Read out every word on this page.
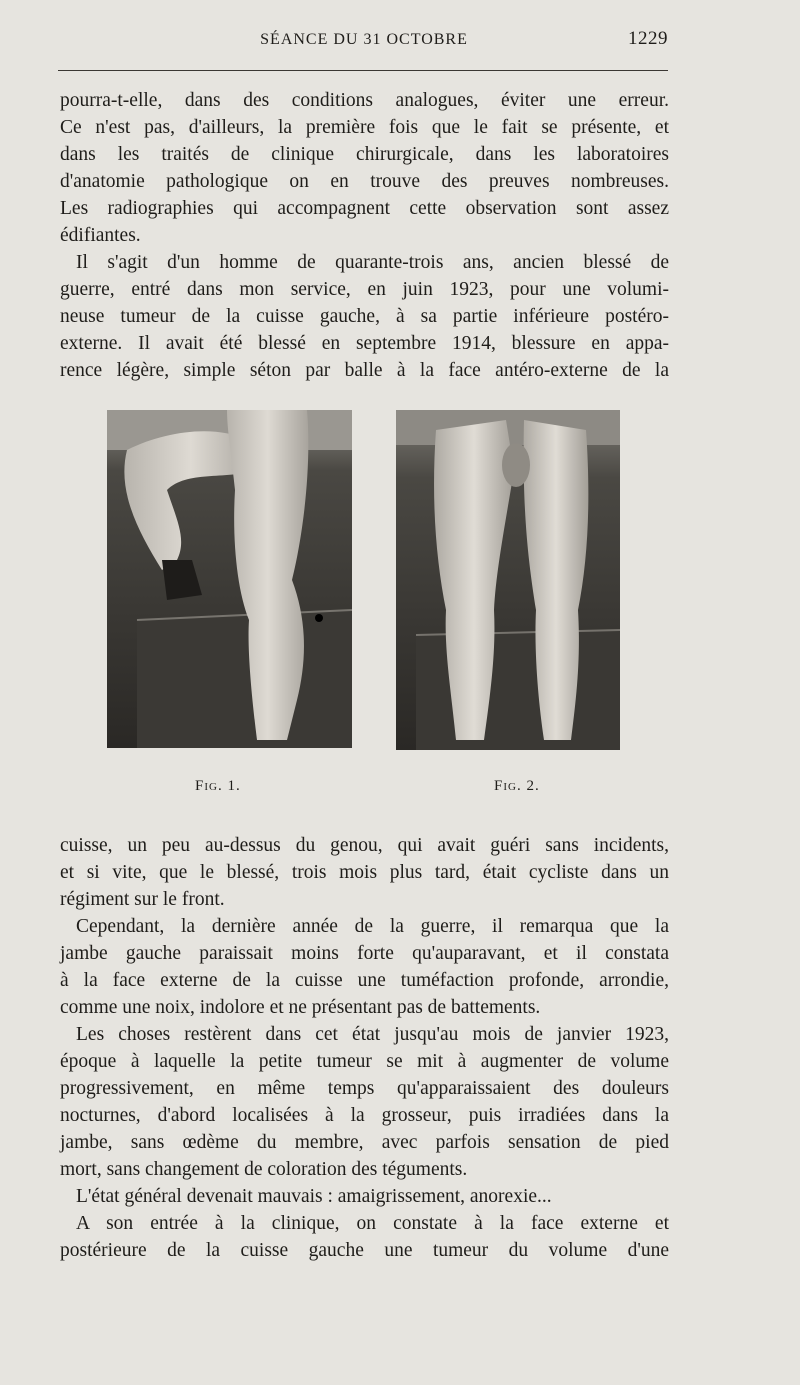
SÉANCE DU 31 OCTOBRE	1229
pourra-t-elle, dans des conditions analogues, éviter une erreur.
Ce n'est pas, d'ailleurs, la première fois que le fait se présente, et
dans les traités de clinique chirurgicale, dans les laboratoires
d'anatomie pathologique on en trouve des preuves nombreuses.
Les radiographies qui accompagnent cette observation sont assez
édifiantes.
Il s'agit d'un homme de quarante-trois ans, ancien blessé de
guerre, entré dans mon service, en juin 1923, pour une volumi-
neuse tumeur de la cuisse gauche, à sa partie inférieure postéro-
externe. Il avait été blessé en septembre 1914, blessure en appa-
rence légère, simple séton par balle à la face antéro-externe de la
Fig. 1.	Fig. 2.
cuisse, un peu au-dessus du genou, qui avait guéri sans incidents,
et si vite, que le blessé, trois mois plus tard, était cycliste dans un
régiment sur le front.
Cependant, la dernière année de la guerre, il remarqua que la
jambe gauche paraissait moins forte qu'auparavant, et il constata
à la face externe de la cuisse une tuméfaction profonde, arrondie,
comme une noix, indolore et ne présentant pas de battements.
Les choses restèrent dans cet état jusqu'au mois de janvier 1923,
époque à laquelle la petite tumeur se mit à augmenter de volume
progressivement, en même temps qu'apparaissaient des douleurs
nocturnes, d'abord localisées à la grosseur, puis irradiées dans la
jambe, sans œdème du membre, avec parfois sensation de pied
mort, sans changement de coloration des téguments.
L'état général devenait mauvais : amaigrissement, anorexie...
A son entrée à la clinique, on constate à la face externe et
postérieure de la cuisse gauche une tumeur du volume d'une
